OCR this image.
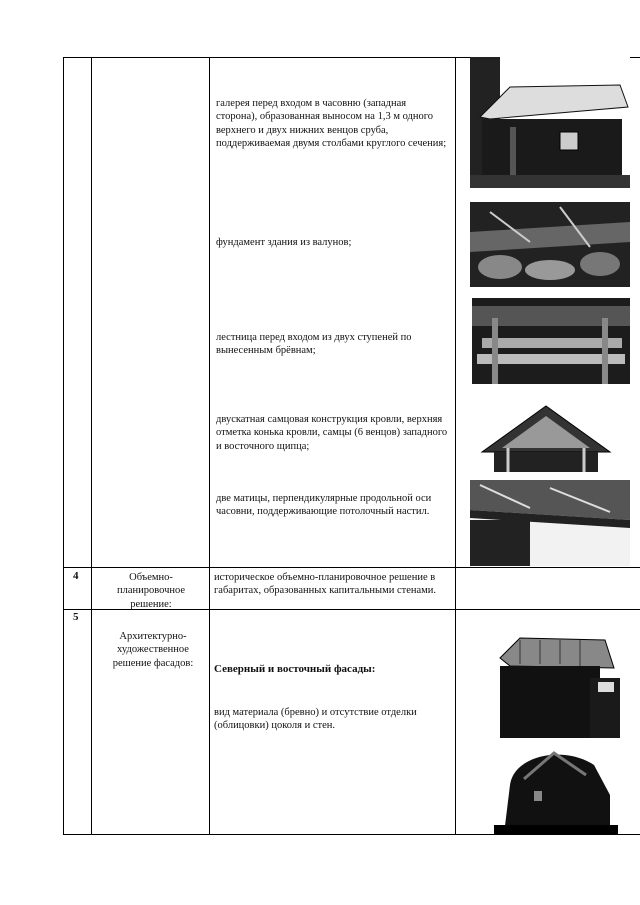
галерея перед входом в часовню (западная сторона), образованная выносом на 1,3 м одного верхнего и двух нижних венцов сруба, поддерживаемая двумя столбами круглого сечения;
фундамент здания из валунов;
лестница перед входом из двух ступеней по вынесенным брёвнам;
двускатная самцовая конструкция кровли, верхняя отметка конька кровли, самцы (6 венцов) западного и восточного щипца;
две матицы, перпендикулярные продольной оси часовни, поддерживающие потолочный настил.
4	Объемно-планировочное решение:
историческое объемно-планировочное решение в габаритах, образованных капитальными стенами.
5
Архитектурно-художественное решение фасадов:	Северный и восточный фасады:
вид материала (бревно) и отсутствие отделки (облицовки) цоколя и стен.
